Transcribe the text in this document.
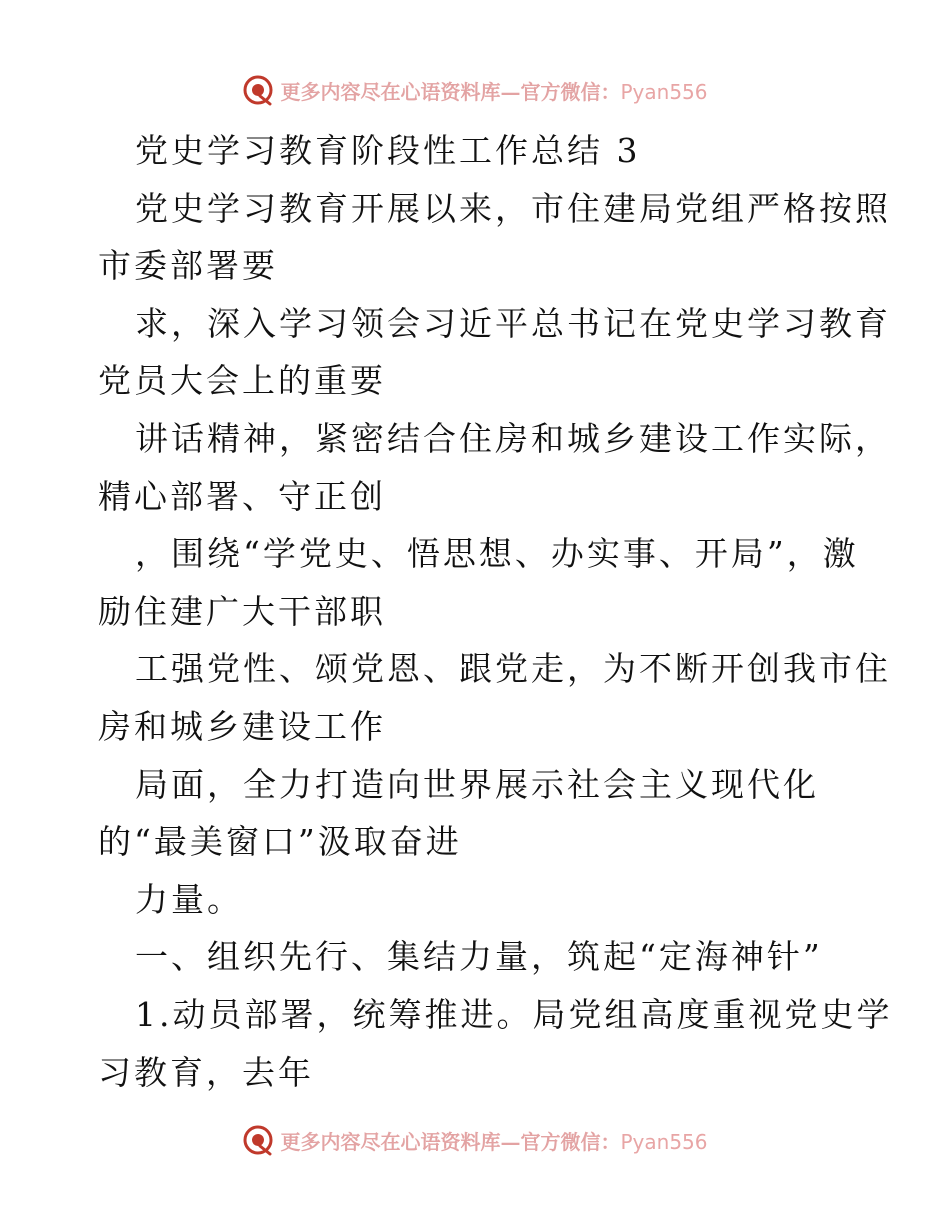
更多内容尽在心语资料库—官方微信：Pyan556
党史学习教育阶段性工作总结 3
党史学习教育开展以来，市住建局党组严格按照
市委部署要
求，深入学习领会习近平总书记在党史学习教育
党员大会上的重要
讲话精神，紧密结合住房和城乡建设工作实际，
精心部署、守正创
，围绕“学党史、悟思想、办实事、开局”，激
励住建广大干部职
工强党性、颂党恩、跟党走，为不断开创我市住
房和城乡建设工作
局面，全力打造向世界展示社会主义现代化
的“最美窗口”汲取奋进
力量。
一、组织先行、集结力量，筑起“定海神针”
1.动员部署，统筹推进。局党组高度重视党史学
习教育，去年
更多内容尽在心语资料库—官方微信：Pyan556
